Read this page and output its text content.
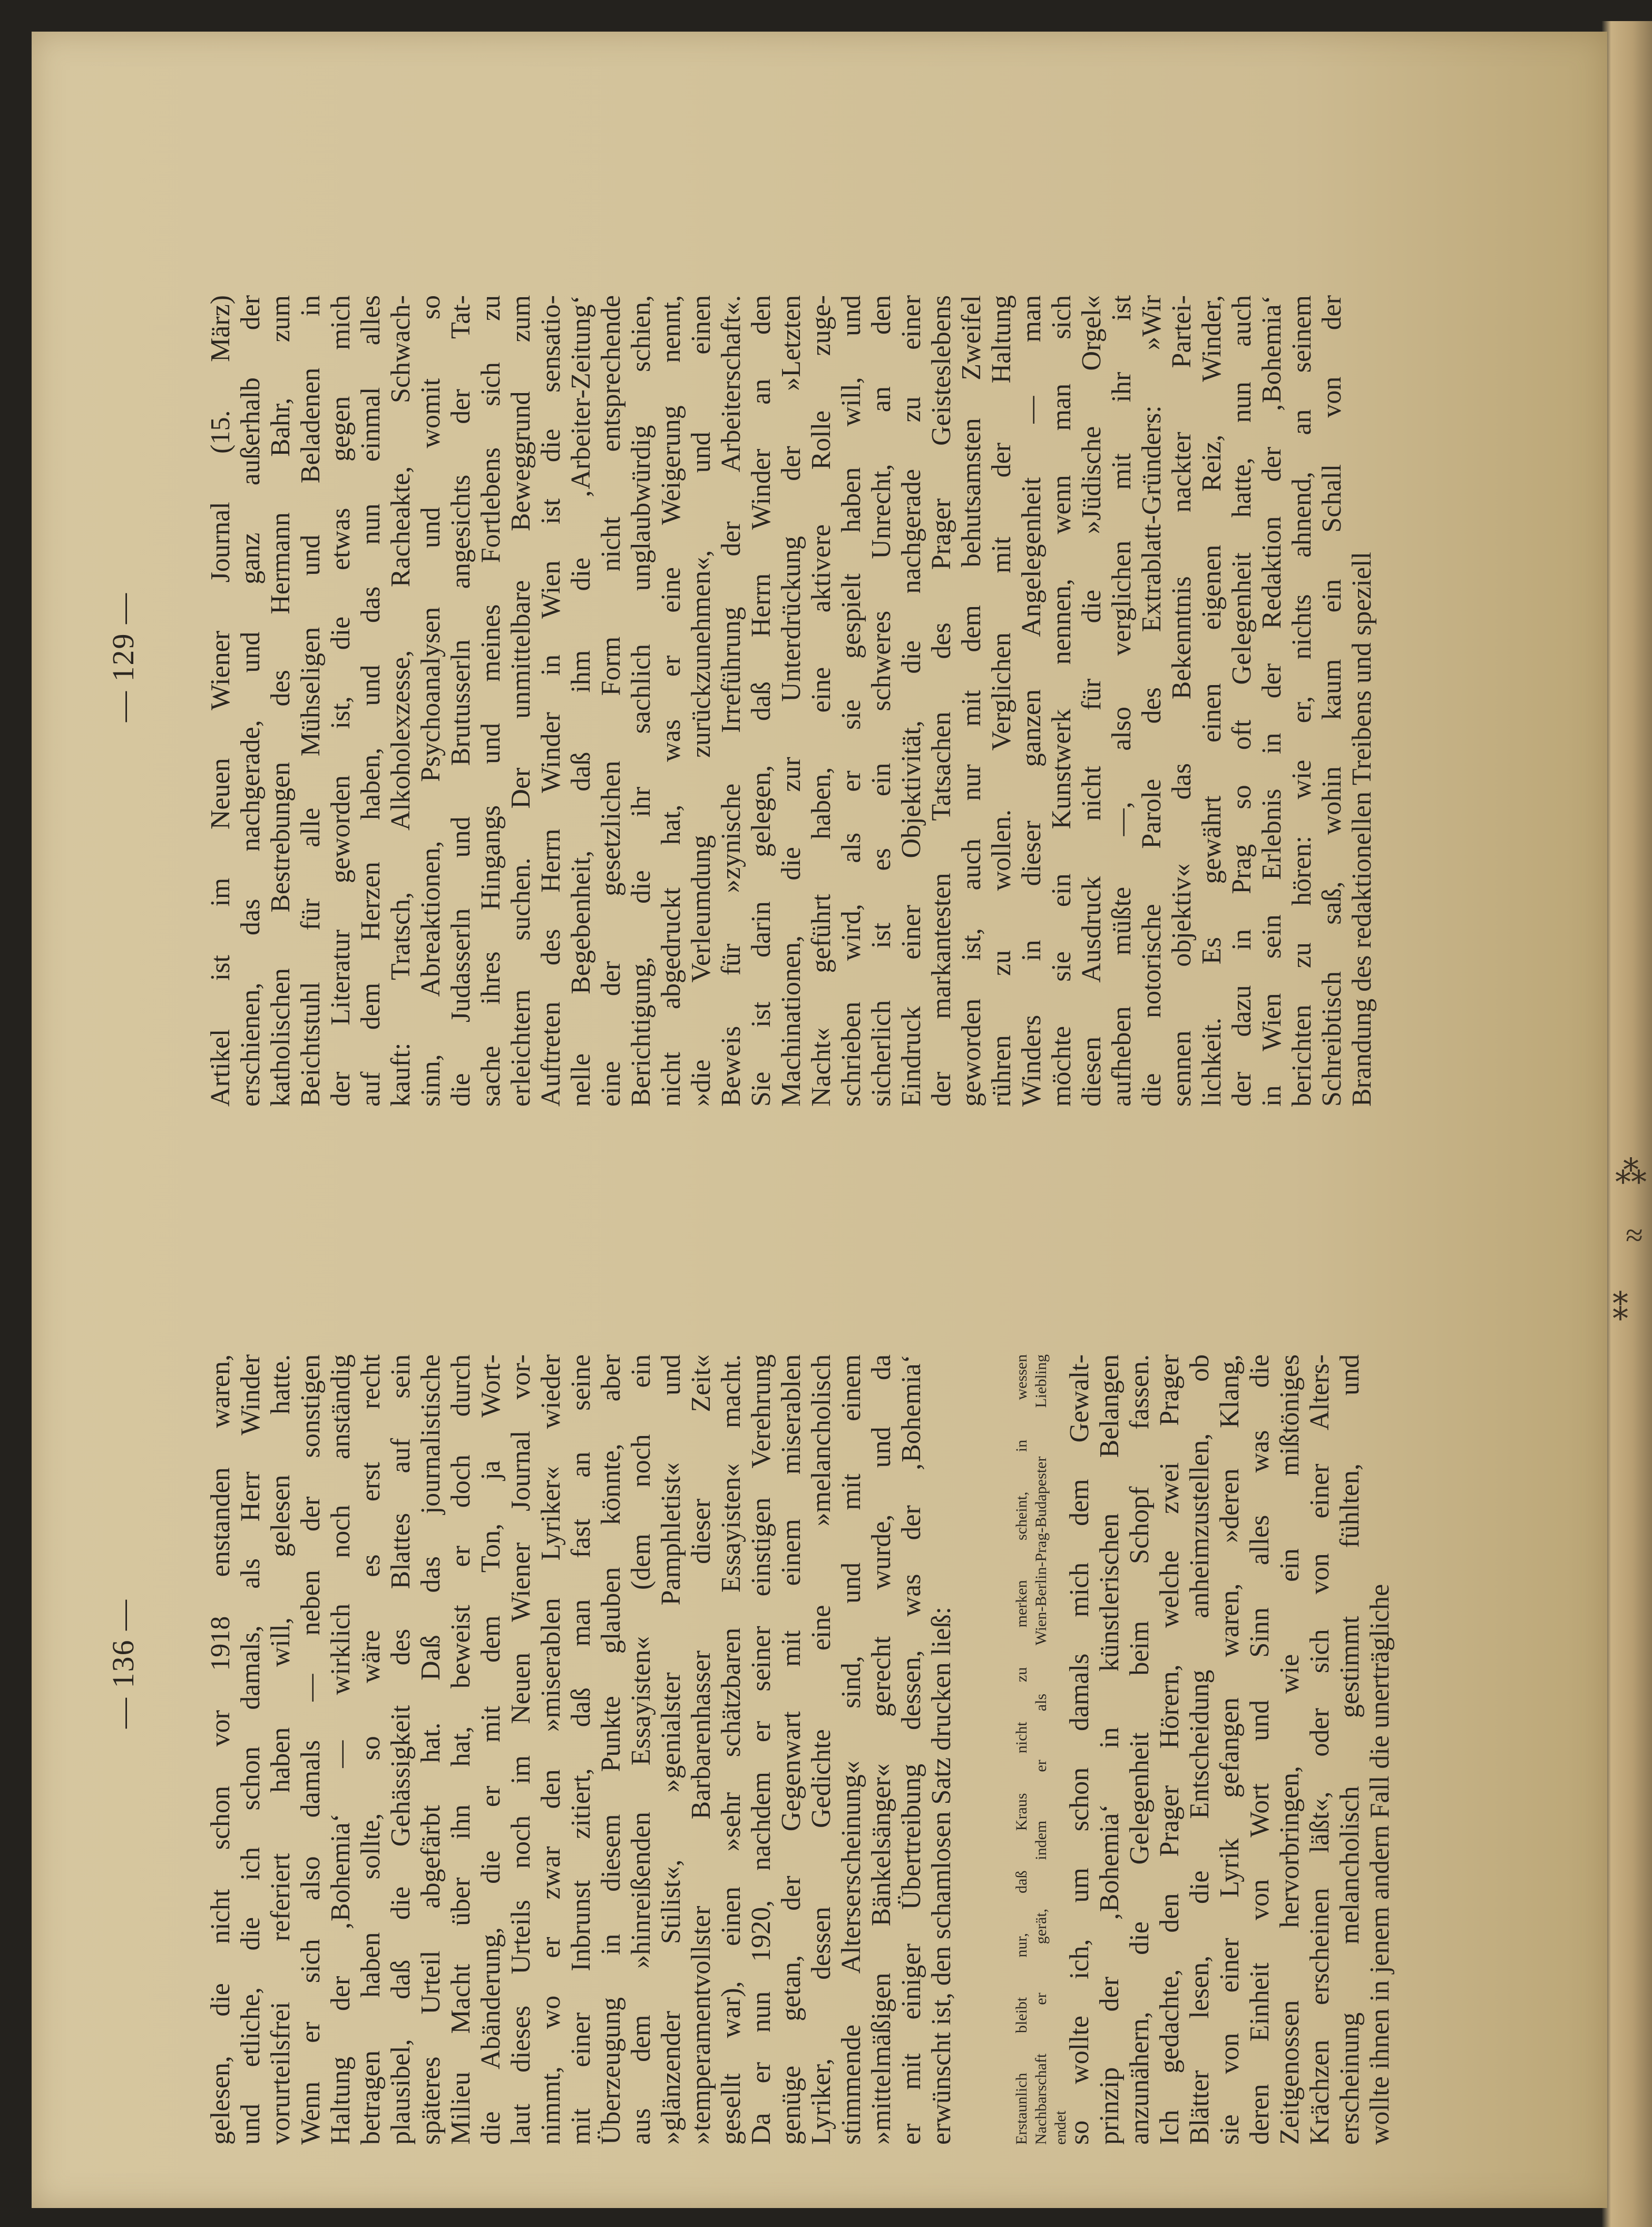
⁂
≈
⁑
— 136 —
— 129 —
gelesen, die nicht schon vor 1918 enstanden waren, und etliche, die ich schon damals, als Herr Winder vorurteilsfrei referiert haben will, gelesen hatte. Wenn er sich also damals — neben der sonstigen Haltung der ‚Bohemia‘ — wirklich noch anständig betragen haben sollte, so wäre es erst recht plausibel, daß die Gehässigkeit des Blattes auf sein späteres Urteil abgefärbt hat. Daß das journalistische Milieu Macht über ihn hat, beweist er doch durch die Abänderung, die er mit dem Ton, ja Wort- laut dieses Urteils noch im Neuen Wiener Journal vor- nimmt, wo er zwar den »miserablen Lyriker« wieder mit einer Inbrunst zitiert, daß man fast an seine Überzeugung in diesem Punkte glauben könnte, aber aus dem »hinreißenden Essayisten« (dem noch ein »glänzender Stilist«, »genialster Pamphletist« und »temperamentvollster Barbarenhasser dieser Zeit« gesellt war), einen »sehr schätzbaren Essayisten« macht. Da er nun 1920, nachdem er seiner einstigen Verehrung genüge getan, der Gegenwart mit einem miserablen Lyriker, dessen Gedichte eine »melancholisch stimmende Alterserscheinung« sind, und mit einem »mittelmäßigen Bänkelsänger« gerecht wurde, und da er mit einiger Übertreibung dessen, was der ‚Bohemia‘ erwünscht ist, den schamlosen Satz drucken ließ:	Erstaunlich bleibt nur, daß Kraus nicht zu merken scheint, in wessen Nachbarschaft er gerät, indem er als Wien-Berlin-Prag-Budapester Liebling endet
so wollte ich, um schon damals mich dem Gewalt- prinzip der ‚Bohemia‘ in künstlerischen Belangen anzunähern, die Gelegenheit beim Schopf fassen. Ich gedachte, den Prager Hörern, welche zwei Prager Blätter lesen, die Entscheidung anheimzustellen, ob sie von einer Lyrik gefangen waren, »deren Klang, deren Einheit von Wort und Sinn alles was die Zeitgenossen hervorbringen, wie ein mißtöniges Krächzen erscheinen läßt«, oder sich von einer Alters- erscheinung melancholisch gestimmt fühlten, und wollte ihnen in jenem andern Fall die unerträgliche
Artikel ist im Neuen Wiener Journal (15. März) erschienen, das nachgerade, und ganz außerhalb der katholischen Bestrebungen des Hermann Bahr, zum Beichtstuhl für alle Mühseligen und Beladenen in der Literatur geworden ist, die etwas gegen mich auf dem Herzen haben, und das nun einmal alles kauft: Tratsch, Alkoholexzesse, Racheakte, Schwach- sinn, Abreaktionen, Psychoanalysen und womit so die Judasserln und Brutusserln angesichts der Tat- sache ihres Hingangs und meines Fortlebens sich zu erleichtern suchen. Der unmittelbare Beweggrund zum Auftreten des Herrn Winder in Wien ist die sensatio- nelle Begebenheit, daß ihm die ‚Arbeiter-Zeitung‘ eine der gesetzlichen Form nicht entsprechende Berichtigung, die ihr sachlich unglaubwürdig schien, nicht abgedruckt hat, was er eine Weigerung nennt, »die Verleumdung zurückzunehmen«, und einen Beweis für »zynische Irreführung der Arbeiterschaft«. Sie ist darin gelegen, daß Herrn Winder an den Machinationen, die zur Unterdrückung der »Letzten Nacht« geführt haben, eine aktivere Rolle zuge- schrieben wird, als er sie gespielt haben will, und sicherlich ist es ein schweres Unrecht, an den Eindruck einer Objektivität, die nachgerade zu einer der markantesten Tatsachen des Prager Geisteslebens geworden ist, auch nur mit dem behutsamsten Zweifel rühren zu wollen. Verglichen mit der Haltung Winders in dieser ganzen Angelegenheit — man möchte sie ein Kunstwerk nennen, wenn man sich diesen Ausdruck nicht für die »Jüdische Orgel« aufheben müßte —, also verglichen mit ihr ist die notorische Parole des Extrablatt-Gründers: »Wir sennen objektiv« das Bekenntnis nackter Partei- lichkeit. Es gewährt einen eigenen Reiz, Winder, der dazu in Prag so oft Gelegenheit hatte, nun auch in Wien sein Erlebnis in der Redaktion der ‚Bohemia‘ berichten zu hören: wie er, nichts ahnend, an seinem Schreibtisch saß, wohin kaum ein Schall von der Brandung des redaktionellen Treibens und speziell
